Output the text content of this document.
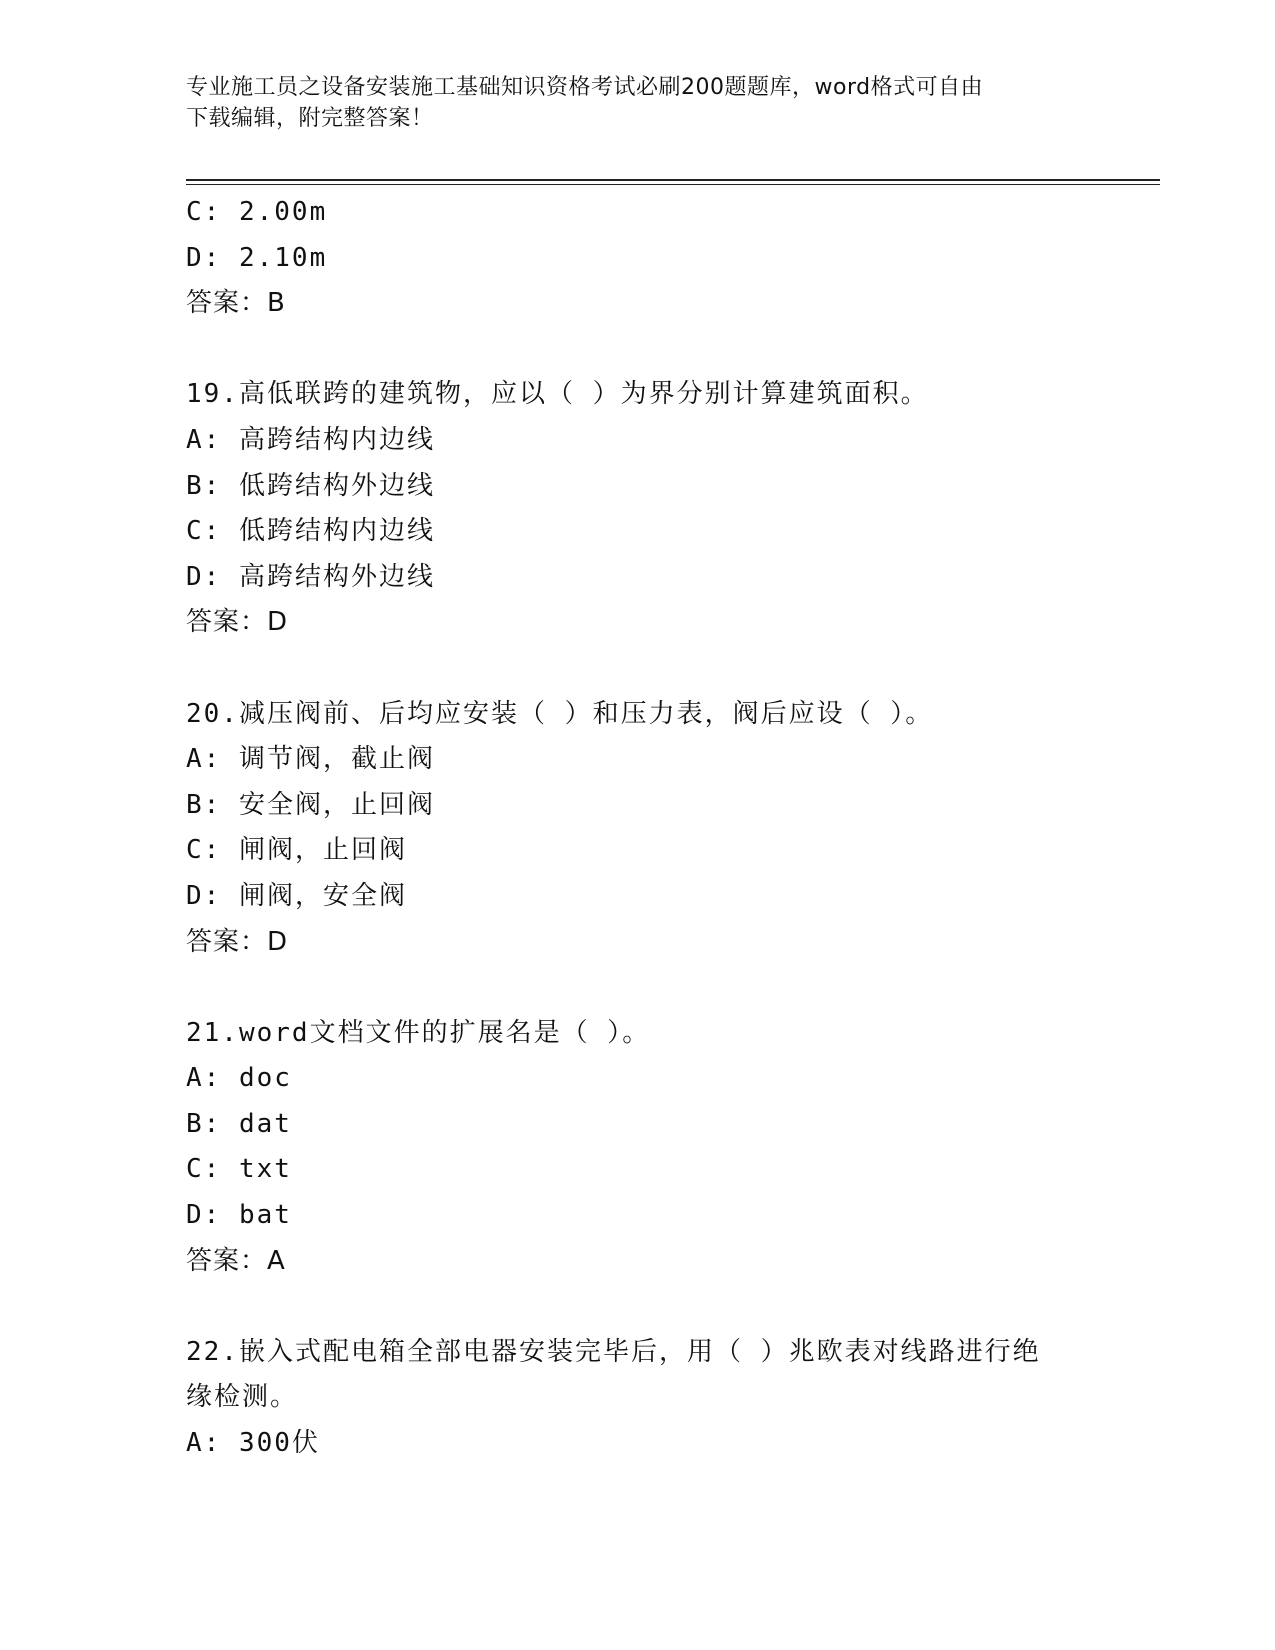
专业施工员之设备安装施工基础知识资格考试必刷200题题库，word格式可自由
下载编辑，附完整答案！
C: 2.00m
D: 2.10m
答案：B
19.高低联跨的建筑物，应以（ ）为界分别计算建筑面积。
A: 高跨结构内边线
B: 低跨结构外边线
C: 低跨结构内边线
D: 高跨结构外边线
答案：D
20.减压阀前、后均应安装（ ）和压力表，阀后应设（ ）。
A: 调节阀，截止阀
B: 安全阀，止回阀
C: 闸阀，止回阀
D: 闸阀，安全阀
答案：D
21.word文档文件的扩展名是（ ）。
A: doc
B: dat
C: txt
D: bat
答案：A
22.嵌入式配电箱全部电器安装完毕后，用（ ）兆欧表对线路进行绝
缘检测。
A: 300伏
